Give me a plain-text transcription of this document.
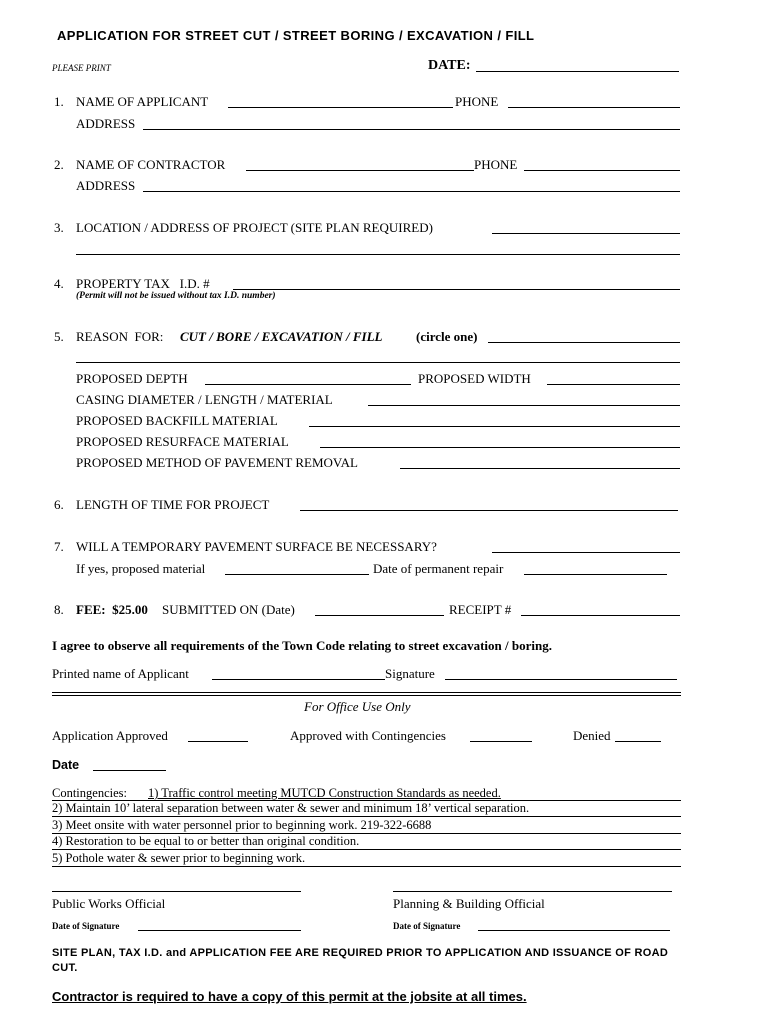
APPLICATION FOR STREET CUT / STREET BORING / EXCAVATION / FILL
PLEASE PRINT	DATE:
1. NAME OF APPLICANT	PHONE
ADDRESS
2. NAME OF CONTRACTOR	PHONE
ADDRESS
3. LOCATION / ADDRESS OF PROJECT (SITE PLAN REQUIRED)
4. PROPERTY TAX   I.D. #
(Permit will not be issued without tax I.D. number)
5. REASON  FOR: CUT / BORE / EXCAVATION / FILL	(circle one)
PROPOSED DEPTH	PROPOSED WIDTH
CASING DIAMETER / LENGTH / MATERIAL
PROPOSED BACKFILL MATERIAL
PROPOSED RESURFACE MATERIAL
PROPOSED METHOD OF PAVEMENT REMOVAL
6. LENGTH OF TIME FOR PROJECT
7. WILL A TEMPORARY PAVEMENT SURFACE BE NECESSARY?
If yes, proposed material	Date of permanent repair
8. FEE:  $25.00 SUBMITTED ON (Date)	RECEIPT #
I agree to observe all requirements of the Town Code relating to street excavation / boring.
Printed name of Applicant	Signature
For Office Use Only
Application Approved	Approved with Contingencies	Denied
Date
Contingencies: 1) Traffic control meeting MUTCD Construction Standards as needed.
2) Maintain 10’ lateral separation between water & sewer and minimum 18’ vertical separation.
3) Meet onsite with water personnel prior to beginning work. 219-322-6688
4) Restoration to be equal to or better than original condition.
5) Pothole water & sewer prior to beginning work.
Public Works Official	Planning & Building Official
Date of Signature	Date of Signature
SITE PLAN, TAX I.D. and APPLICATION FEE ARE REQUIRED PRIOR TO APPLICATION AND ISSUANCE OF ROAD CUT.
Contractor is required to have a copy of this permit at the jobsite at all times.
